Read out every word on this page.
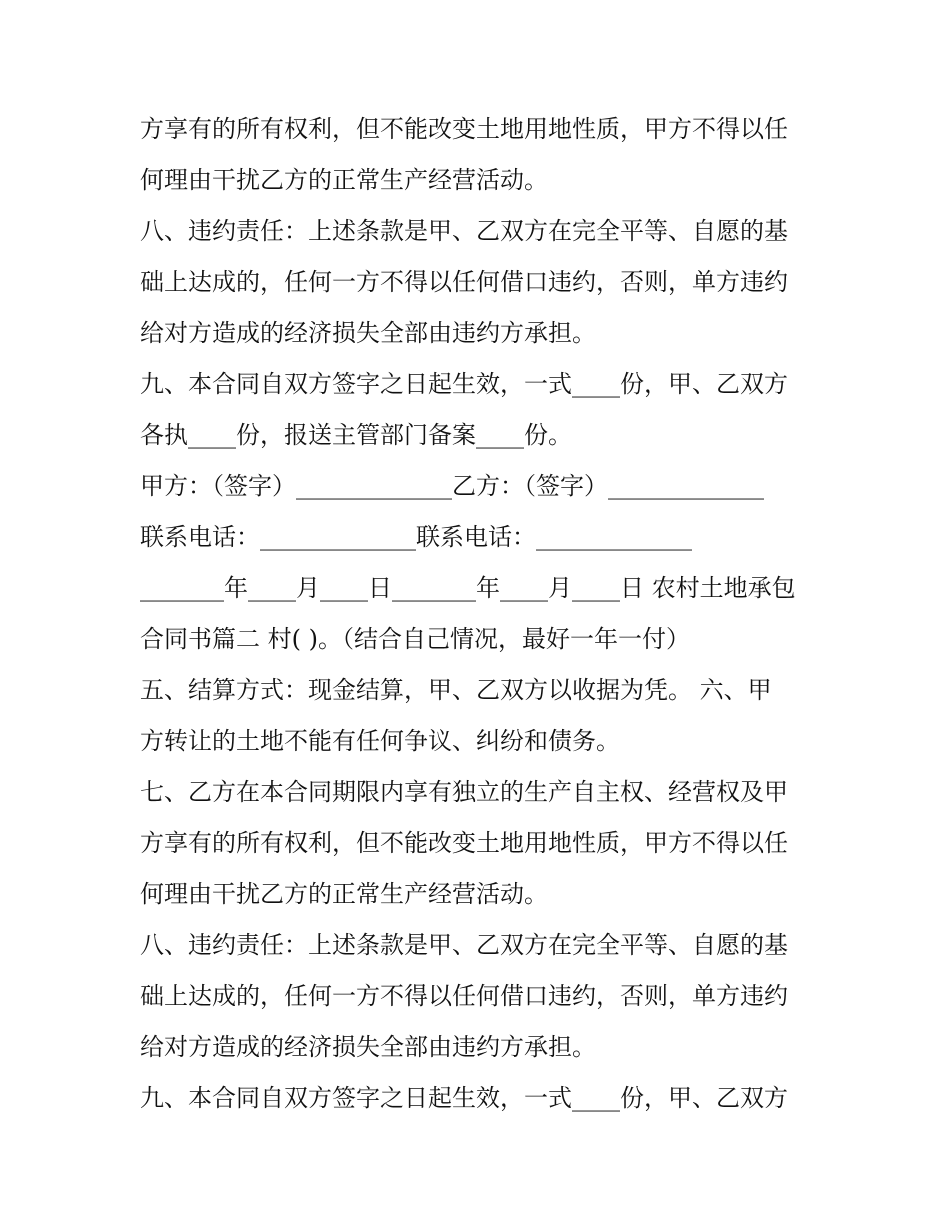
方享有的所有权利，但不能改变土地用地性质，甲方不得以任
何理由干扰乙方的正常生产经营活动。
八、违约责任：上述条款是甲、乙双方在完全平等、自愿的基
础上达成的，任何一方不得以任何借口违约，否则，单方违约
给对方造成的经济损失全部由违约方承担。
九、本合同自双方签字之日起生效，一式____份，甲、乙双方
各执____份，报送主管部门备案____份。
甲方：（签字）_____________乙方：（签字）_____________
联系电话：_____________联系电话：_____________
_______年____月____日_______年____月____日 农村土地承包
合同书篇二 村( )。（结合自己情况，最好一年一付）
五、结算方式：现金结算，甲、乙双方以收据为凭。 六、甲
方转让的土地不能有任何争议、纠纷和债务。
七、乙方在本合同期限内享有独立的生产自主权、经营权及甲
方享有的所有权利，但不能改变土地用地性质，甲方不得以任
何理由干扰乙方的正常生产经营活动。
八、违约责任：上述条款是甲、乙双方在完全平等、自愿的基
础上达成的，任何一方不得以任何借口违约，否则，单方违约
给对方造成的经济损失全部由违约方承担。
九、本合同自双方签字之日起生效，一式____份，甲、乙双方
